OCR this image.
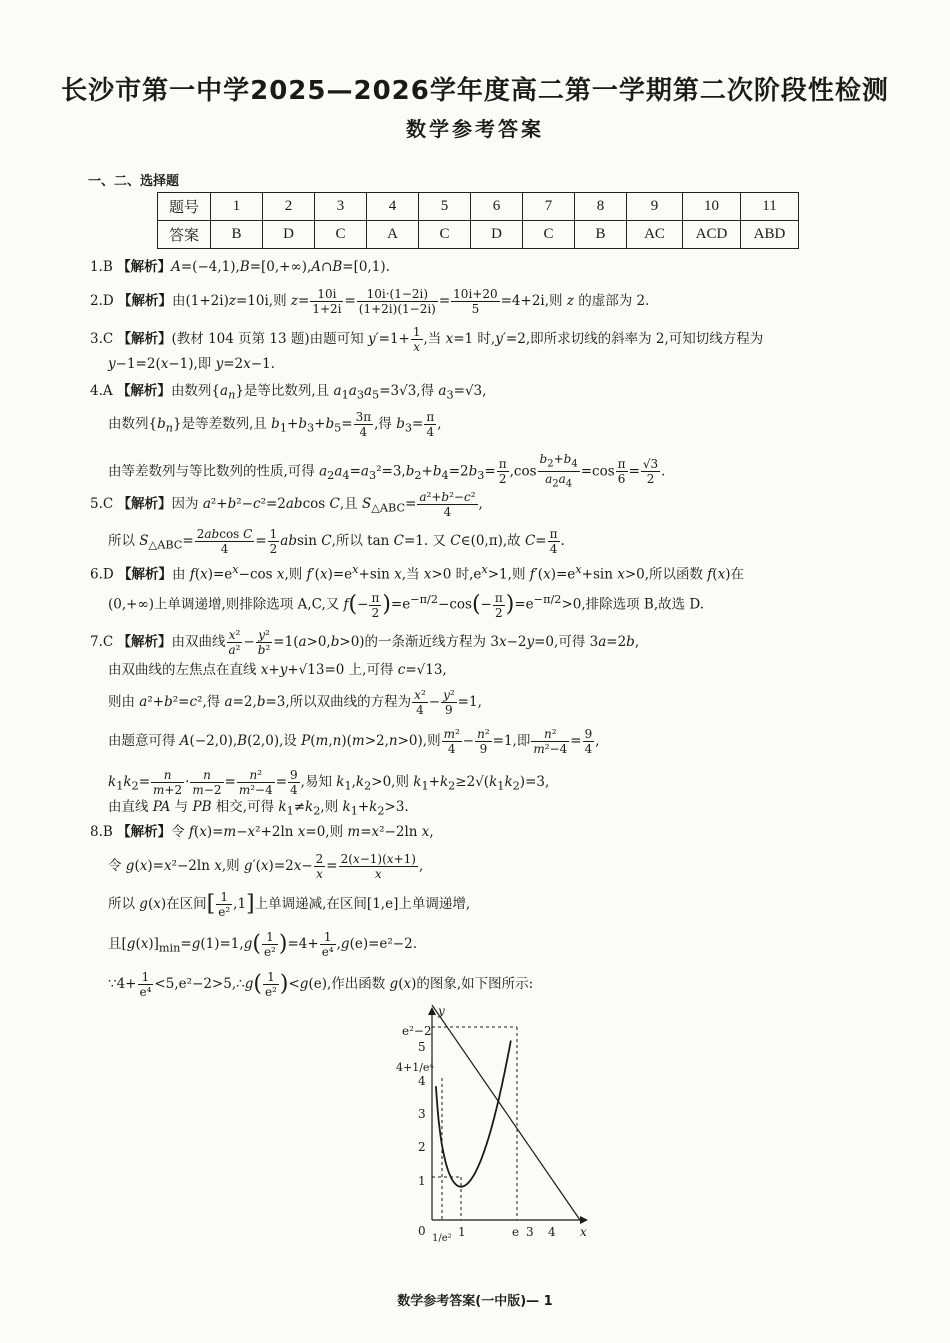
长沙市第一中学2025—2026学年度高二第一学期第二次阶段性检测
数学参考答案
一、二、选择题
题号	1	2	3	4	5	6	7	8	9	10	11
答案	B	D	C	A	C	D	C	B	AC	ACD	ABD
1.B 【解析】A=(−4,1),B=[0,+∞),A∩B=[0,1).
2.D 【解析】由(1+2i)z=10i,则 $z= \frac{10i}{1+2i} = \frac{10i\cdot(1-2i)}{(1+2i)(1-2i)} = \frac{10i+20}{5} =4+2i$,则 z 的虚部为 2.
3.C 【解析】(教材 104 页第 13 题)由题可知 $y'=1+ \frac{1}{x}$ ,当 x=1 时,y′=2,即所求切线的斜率为 2,可知切线方程为
y−1=2(x−1),即 y=2x−1.
4.A 【解析】由数列$\{a_n\}$是等比数列,且 $a_1a_3a_5=3√3$,得 $a_3=√3$,
由数列$\{b_n\}$是等差数列,且 $b_1+b_3+b_5= \frac{3\pi}{4}$ ,得 $b_3= \frac{\pi}{4}$ ,
由等差数列与等比数列的性质,可得 $a_2a_4=a_3^2=3,b_2+b_4=2b_3= \frac{\pi}{2} ,\cos \frac{b_2+b_4}{a_2a_4} =\cos \frac{\pi}{6} = \frac{√3}{2}$ .
5.C 【解析】因为 a²+b²−c²=2abcos C,且 $S_{\triangle ABC}= \frac{\text{a²+b²−c²}}{4}$ ,
所以 $S_{\triangle ABC}= \frac{\text{2abcos C}}{4} = \frac{1}{2}$ absin C,所以 tan C=1. 又 C∈(0,π),故 $C= \frac{\pi}{4}$ .
6.D 【解析】由 $f(x)=e^x-\cos$ x,则 $f'(x)=e^x+\sin$ x,当 x>0 时$,e^x>1$,则 $f'(x)=e^x+\sin$ x>0,所以函数 f(x)在
(0,+∞)上单调递增,则排除选项 A,C,又 $f(- \frac{\pi}{2} )=e^{-\pi/2}-\cos(- \frac{\pi}{2} )=e^{-\pi/2}>0$,排除选项 B,故选 D.
7.C 【解析】由双曲线 $\frac{\text{x²}}{\text{a²}} - \frac{\text{y²}}{\text{b²}} =1(a>0,b>0)$的一条渐近线方程为 3x−2y=0,可得 3a=2b,
由双曲线的左焦点在直线 x+y+√13=0 上,可得 c=√13,
则由 a²+b²=c²,得 a=2,b=3,所以双曲线的方程为 $\frac{\text{x²}}{4} - \frac{\text{y²}}{9} =1$,
由题意可得 A(−2,0),B(2,0),设 P(m,n)(m>2,n>0),则 $\frac{\text{m²}}{4} - \frac{\text{n²}}{9} =1$,即 $\frac{\text{n²}}{\text{m²−4}} = \frac{9}{4}$ ,
$k_1k_2= \frac{n}{m+2} \cdot \frac{n}{m-2} = \frac{\text{n²}}{\text{m²−4}} = \frac{9}{4}$ ,易知 $k_1,k_2>0$,则 $k_1+k_2\ge 2√(k_1k_2)=3$,
由直线 PA 与 PB 相交,可得 $k_1\ne k_2$,则 $k_1+k_2>3$.
8.B 【解析】令 f(x)=m−x²+2ln x=0,则 m=x²−2ln x,
令 g(x)=x²−2ln x,则 $g'(x)=2x- \frac{2}{x} = \frac{2(x-1)(x+1)}{x}$ ,
所以 g(x)在区间[ $\frac{1}{\text{e²}} ,1$]上单调递减,在区间[1,e]上单调递增,
且$[g(x)]_{min}=g(1)=1,g( \frac{1}{\text{e²}} )=4+ \frac{1}{\text{e⁴}} ,g(e)=e^2-2$.
∵4+ $\frac{1}{\text{e⁴}}$ <5,e²−2>5,∴g( $\frac{1}{\text{e²}} )<g(e)$,作出函数 g(x)的图象,如下图所示:
y
x
0
1
2
3
4
5
e²−2
4+1/e⁴
1	3 4
1/e²	e
数学参考答案(一中版)— 1
